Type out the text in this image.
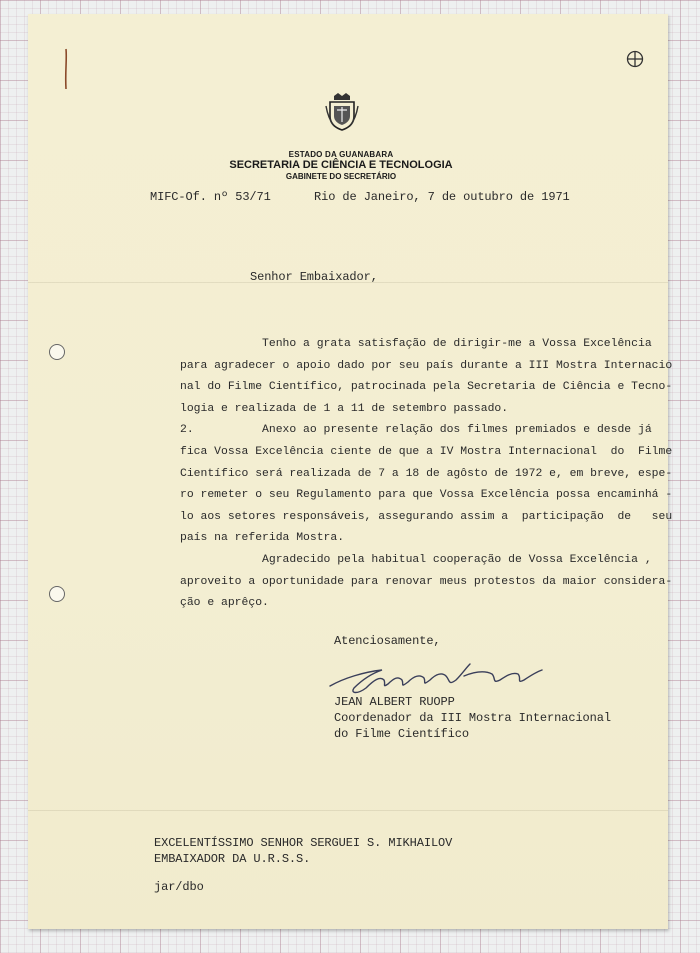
ESTADO DA GUANABARA
SECRETARIA DE CIÊNCIA E TECNOLOGIA
GABINETE DO SECRETÁRIO
MIFC-Of. nº 53/71	Rio de Janeiro, 7 de outubro de 1971
Senhor Embaixador,
Tenho a grata satisfação de dirigir-me a Vossa Excelência
para agradecer o apoio dado por seu país durante a III Mostra Internacio
nal do Filme Científico, patrocinada pela Secretaria de Ciência e Tecno-
logia e realizada de 1 a 11 de setembro passado.
2.          Anexo ao presente relação dos filmes premiados e desde já
fica Vossa Excelência ciente de que a IV Mostra Internacional  do  Filme
Científico será realizada de 7 a 18 de agôsto de 1972 e, em breve, espe-
ro remeter o seu Regulamento para que Vossa Excelência possa encaminhá -
lo aos setores responsáveis, assegurando assim a  participação  de   seu
país na referida Mostra.
Agradecido pela habitual cooperação de Vossa Excelência ,
aproveito a oportunidade para renovar meus protestos da maior considera-
ção e aprêço.
Atenciosamente,
JEAN ALBERT RUOPP
Coordenador da III Mostra Internacional
do Filme Científico
EXCELENTÍSSIMO SENHOR SERGUEI S. MIKHAILOV
EMBAIXADOR DA U.R.S.S.
jar/dbo
